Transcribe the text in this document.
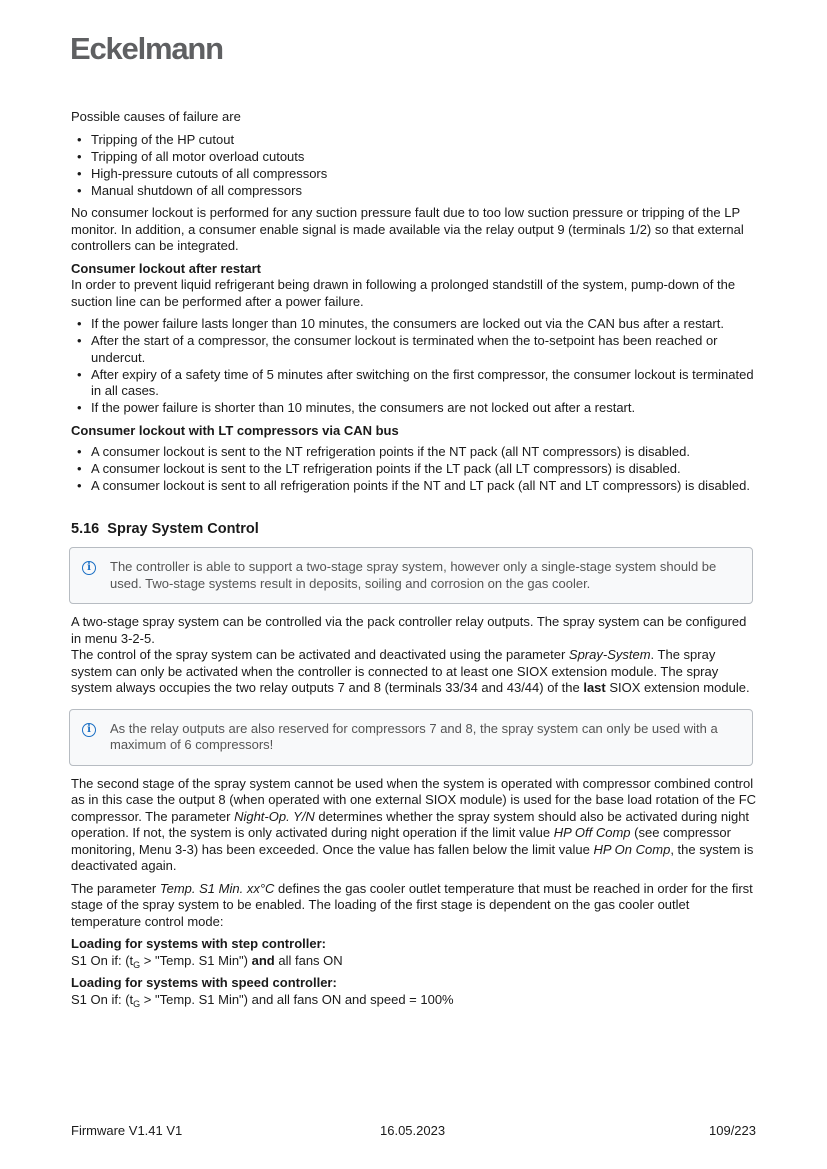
Eckelmann

Possible causes of failure are

• Tripping of the HP cutout
• Tripping of all motor overload cutouts
• High-pressure cutouts of all compressors
• Manual shutdown of all compressors

No consumer lockout is performed for any suction pressure fault due to too low suction pressure or tripping of the LP monitor. In addition, a consumer enable signal is made available via the relay output 9 (terminals 1/2) so that external controllers can be integrated.

Consumer lockout after restart

In order to prevent liquid refrigerant being drawn in following a prolonged standstill of the system, pump-down of the suction line can be performed after a power failure.

• If the power failure lasts longer than 10 minutes, the consumers are locked out via the CAN bus after a restart.
• After the start of a compressor, the consumer lockout is terminated when the to-setpoint has been reached or undercut.
• After expiry of a safety time of 5 minutes after switching on the first compressor, the consumer lockout is terminated in all cases.
• If the power failure is shorter than 10 minutes, the consumers are not locked out after a restart.
Consumer lockout with LT compressors via CAN bus
• A consumer lockout is sent to the NT refrigeration points if the NT pack (all NT compressors) is disabled.
• A consumer lockout is sent to the LT refrigeration points if the LT pack (all LT compressors) is disabled.
• A consumer lockout is sent to all refrigeration points if the NT and LT pack (all NT and LT compressors) is disabled.
5.16 Spray System Control
i	The controller is able to support a two-stage spray system, however only a single-stage system should be used. Two-stage systems result in deposits, soiling and corrosion on the gas cooler.

A two-stage spray system can be controlled via the pack controller relay outputs. The spray system can be configured in menu 3-2-5.

The control of the spray system can be activated and deactivated using the parameter Spray-System. The spray system can only be activated when the controller is connected to at least one SIOX extension module. The spray system always occupies the two relay outputs 7 and 8 (terminals 33/34 and 43/44) of the last SIOX extension module.

i	As the relay outputs are also reserved for compressors 7 and 8, the spray system can only be used with a maximum of 6 compressors!

The second stage of the spray system cannot be used when the system is operated with compressor combined control as in this case the output 8 (when operated with one external SIOX module) is used for the base load rotation of the FC compressor. The parameter Night-Op. Y/N determines whether the spray system should also be activated during night operation. If not, the system is only activated during night operation if the limit value HP Off Comp (see compressor monitoring, Menu 3-3) has been exceeded. Once the value has fallen below the limit value HP On Comp, the system is deactivated again.

The parameter Temp. S1 Min. xx°C defines the gas cooler outlet temperature that must be reached in order for the first stage of the spray system to be enabled. The loading of the first stage is dependent on the gas cooler outlet temperature control mode:

Loading for systems with step controller:

S1 On if: ($t_G$ > "Temp. S1 Min") and all fans ON

Loading for systems with speed controller:

S1 On if: ($t_G$ > "Temp. S1 Min") and all fans ON and speed = 100%

Firmware V1.41 V1	16.05.2023	109/223
